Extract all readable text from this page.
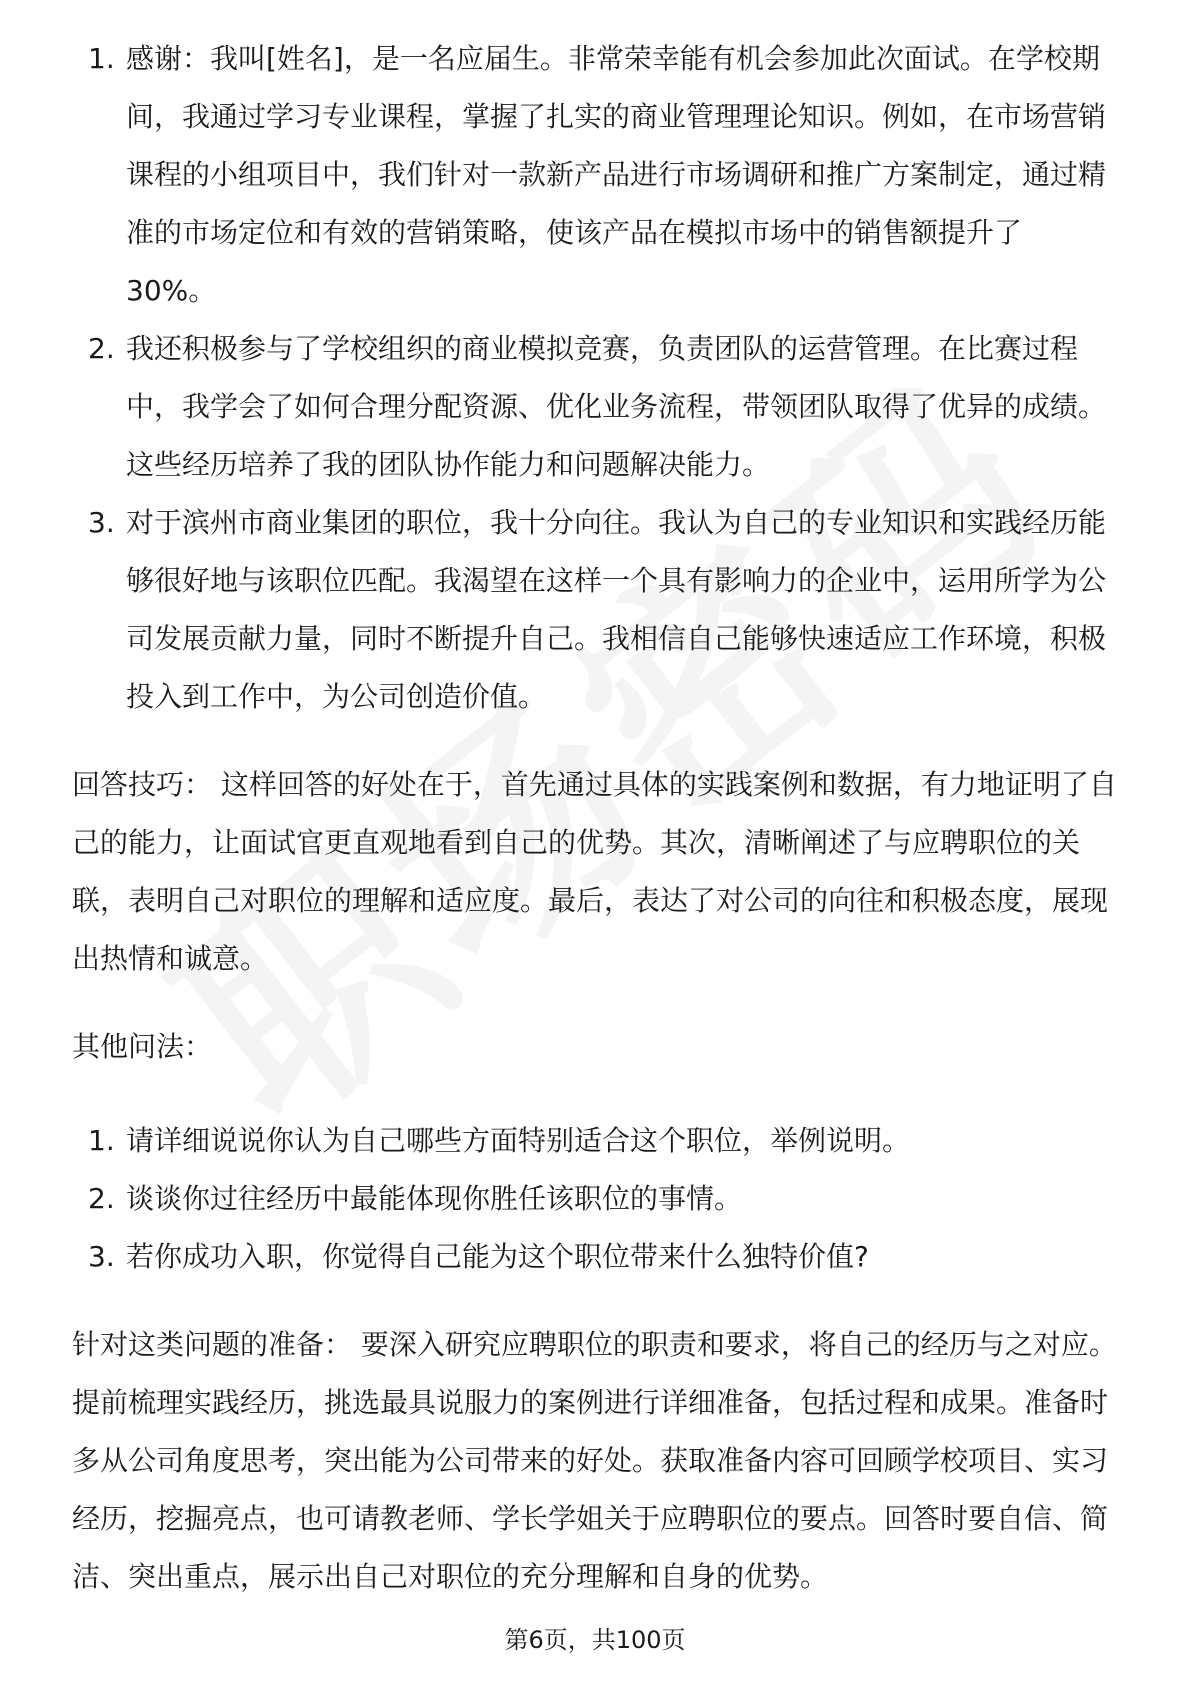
1. 感谢：我叫[姓名]，是一名应届生。非常荣幸能有机会参加此次面试。在学校期间，我通过学习专业课程，掌握了扎实的商业管理理论知识。例如，在市场营销课程的小组项目中，我们针对一款新产品进行市场调研和推广方案制定，通过精准的市场定位和有效的营销策略，使该产品在模拟市场中的销售额提升了 30%。
2. 我还积极参与了学校组织的商业模拟竞赛，负责团队的运营管理。在比赛过程中，我学会了如何合理分配资源、优化业务流程，带领团队取得了优异的成绩。这些经历培养了我的团队协作能力和问题解决能力。
3. 对于滨州市商业集团的职位，我十分向往。我认为自己的专业知识和实践经历能够很好地与该职位匹配。我渴望在这样一个具有影响力的企业中，运用所学为公司发展贡献力量，同时不断提升自己。我相信自己能够快速适应工作环境，积极投入到工作中，为公司创造价值。

回答技巧： 这样回答的好处在于，首先通过具体的实践案例和数据，有力地证明了自己的能力，让面试官更直观地看到自己的优势。其次，清晰阐述了与应聘职位的关联，表明自己对职位的理解和适应度。最后，表达了对公司的向往和积极态度，展现出热情和诚意。

其他问法：

1. 请详细说说你认为自己哪些方面特别适合这个职位，举例说明。
2. 谈谈你过往经历中最能体现你胜任该职位的事情。
3. 若你成功入职，你觉得自己能为这个职位带来什么独特价值?

针对这类问题的准备： 要深入研究应聘职位的职责和要求，将自己的经历与之对应。提前梳理实践经历，挑选最具说服力的案例进行详细准备，包括过程和成果。准备时多从公司角度思考，突出能为公司带来的好处。获取准备内容可回顾学校项目、实习经历，挖掘亮点，也可请教老师、学长学姐关于应聘职位的要点。回答时要自信、简洁、突出重点，展示出自己对职位的充分理解和自身的优势。

第6页，共100页
